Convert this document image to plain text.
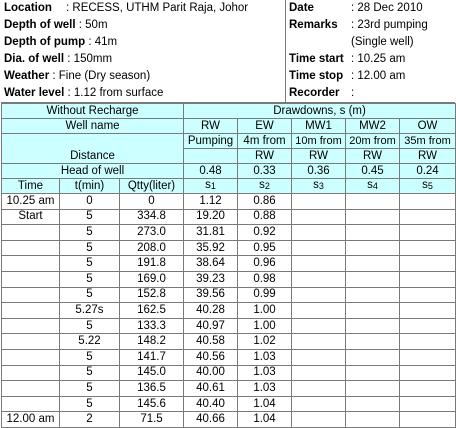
Location : RECESS, UTHM Parit Raja, Johor
Depth of well : 50m
Depth of pump : 41m
Dia. of well : 150mm
Weather : Fine (Dry season)
Water level : 1.12 from surface
Date	: 28 Dec 2010
Remarks : 23rd pumping
(Single well)
Time start : 10.25 am
Time stop : 12.00 am
Recorder :
Without Recharge			Drawdowns, s (m)				
Well name			RW	EW	MW1	MW2	OW
Distance			Pumping	4m from	10m from	20m from	35m from
				RW	RW	RW	RW
Head of well			0.48	0.33	0.36	0.45	0.24
Time	t(min)	Qtty(liter)	s1	s2	s3	s4	s5
10.25 am	0	0	1.12	0.86			
Start	5	334.8	19.20	0.88			
	5	273.0	31.81	0.92			
	5	208.0	35.92	0.95			
	5	191.8	38.64	0.96			
	5	169.0	39.23	0.98			
	5	152.8	39.56	0.99			
	5.27s	162.5	40.28	1.00			
	5	133.3	40.97	1.00			
	5.22	148.2	40.58	1.02			
	5	141.7	40.56	1.03			
	5	145.0	40.00	1.03			
	5	136.5	40.61	1.03			
	5	145.6	40.40	1.04			
12.00 am	2	71.5	40.66	1.04			
